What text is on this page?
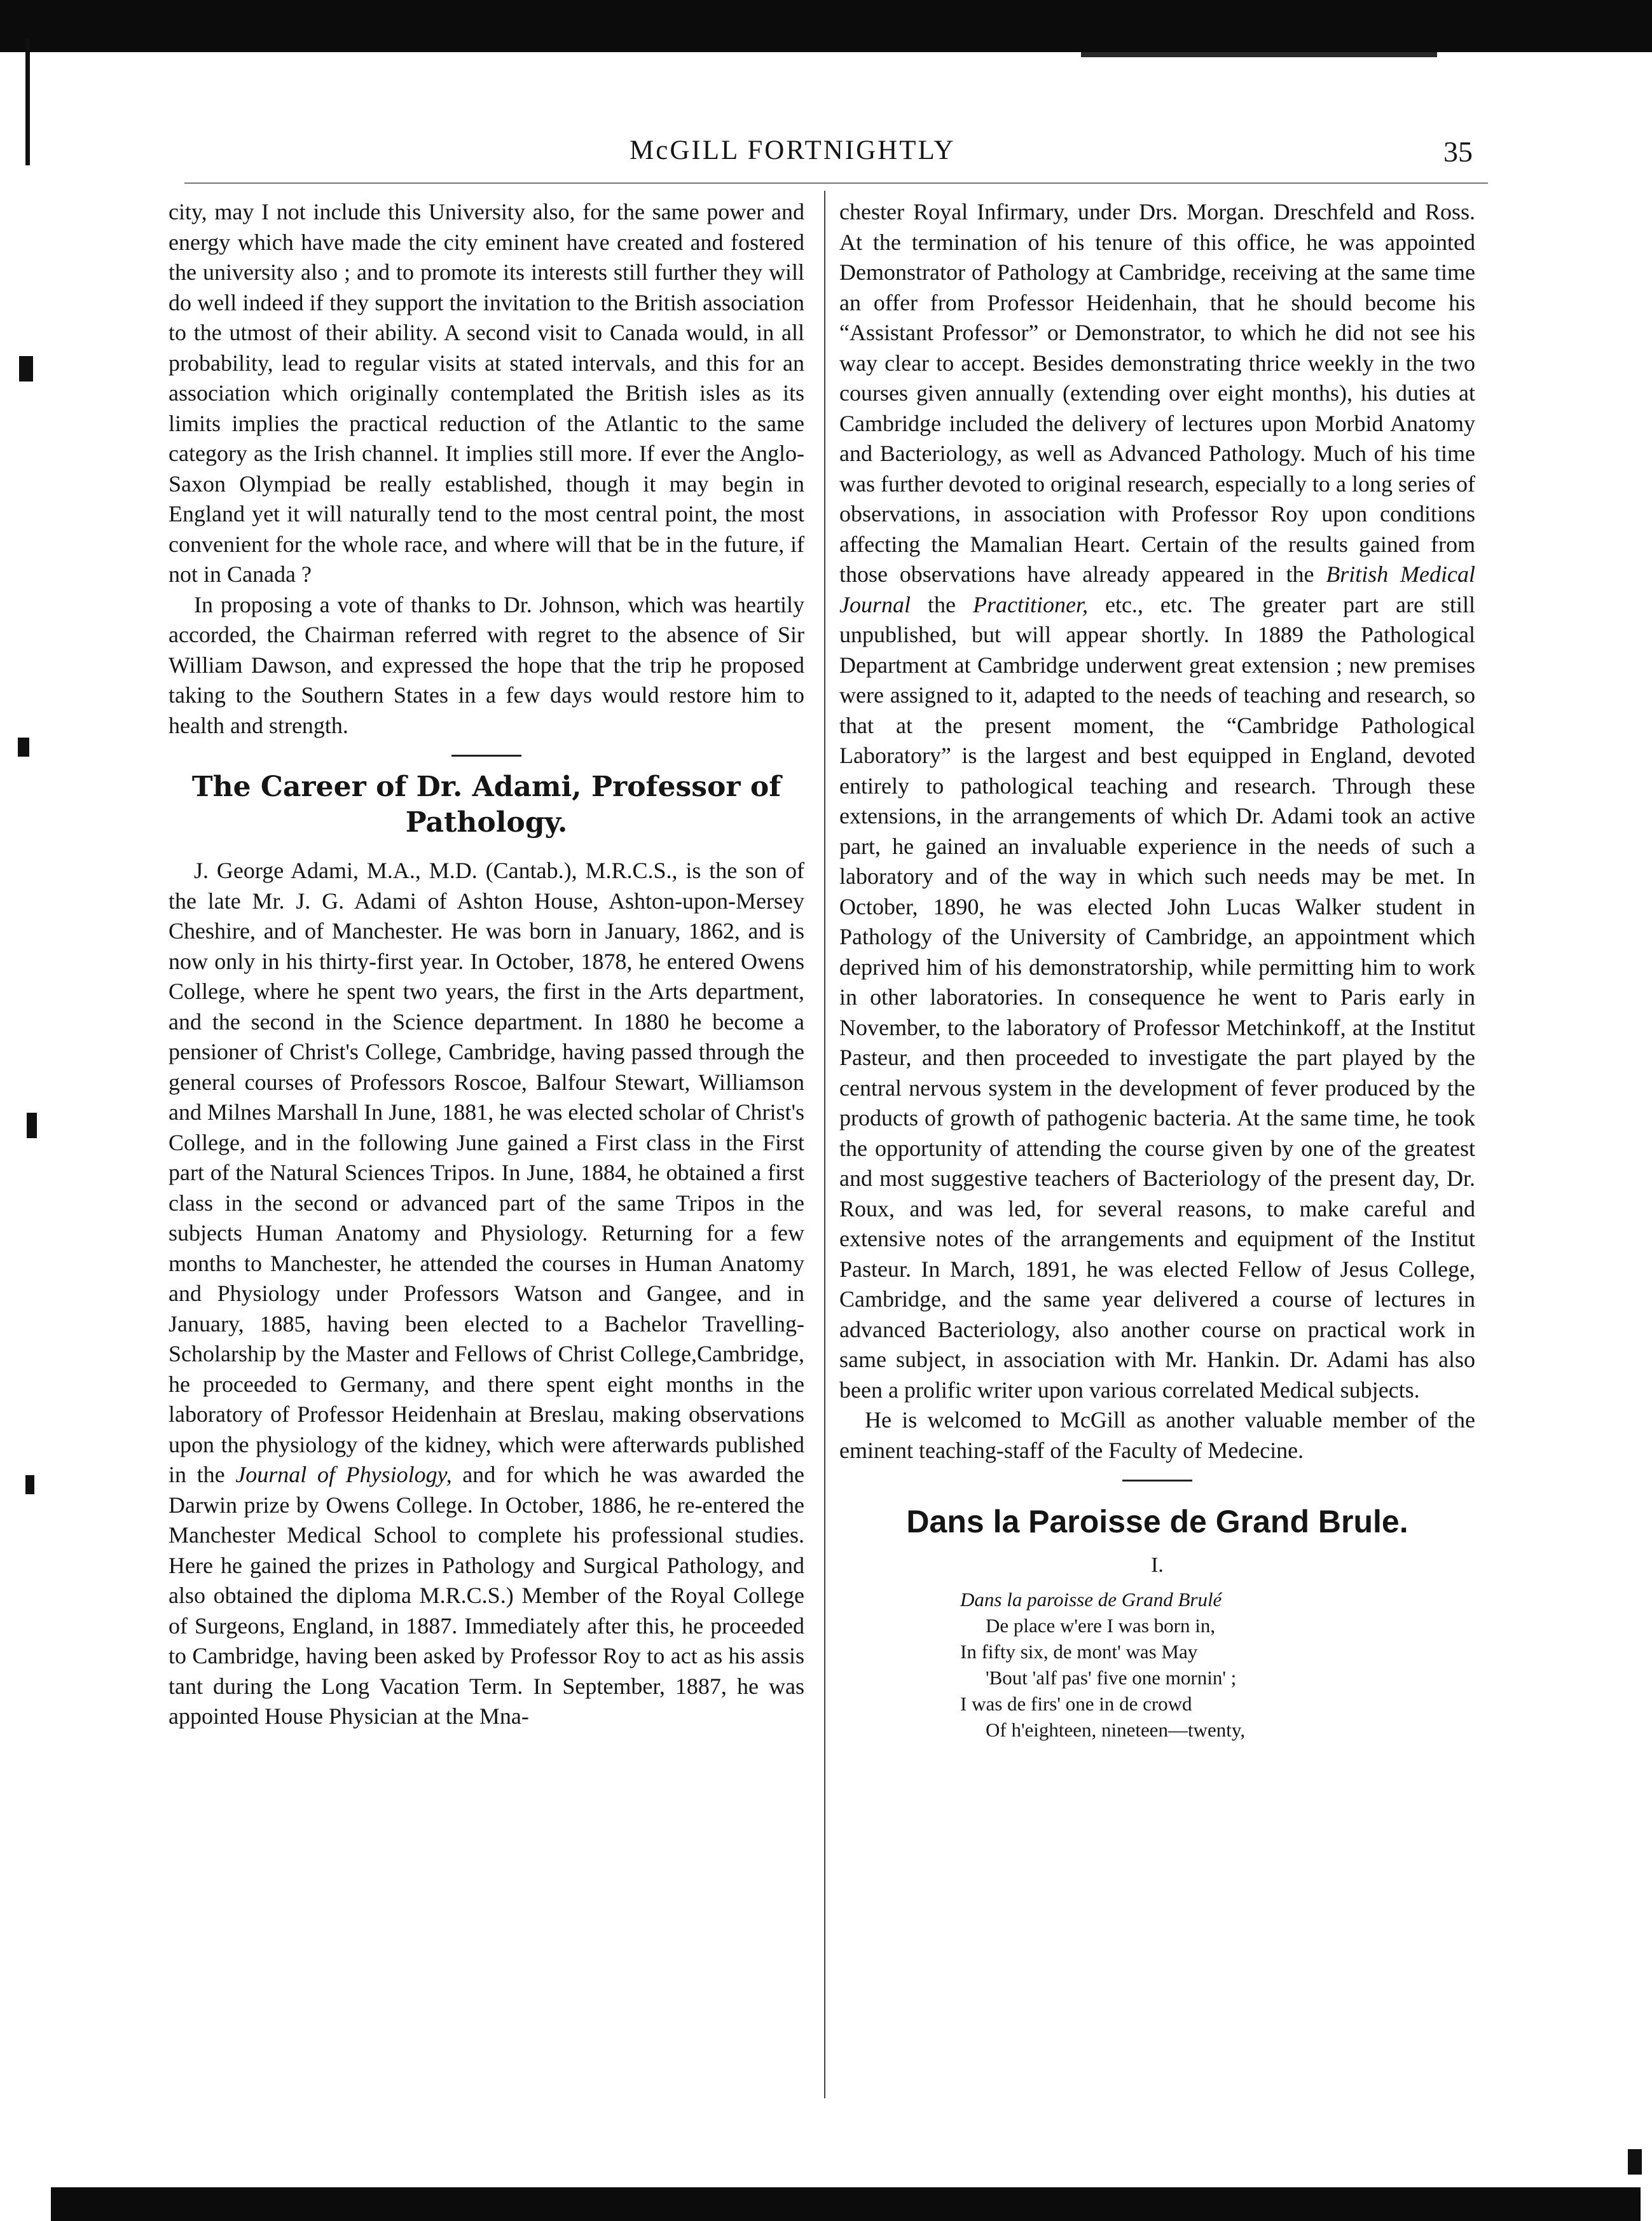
McGILL FORTNIGHTLY	35

city, may I not include this University also, for the same power and energy which have made the city eminent have created and fostered the university also ; and to promote its interests still further they will do well indeed if they support the invitation to the British association to the utmost of their ability. A second visit to Canada would, in all probability, lead to regular visits at stated intervals, and this for an association which originally contemplated the British isles as its limits implies the practical reduction of the Atlantic to the same category as the Irish channel. It implies still more. If ever the Anglo-Saxon Olympiad be really established, though it may begin in England yet it will naturally tend to the most central point, the most convenient for the whole race, and where will that be in the future, if not in Canada ?

In proposing a vote of thanks to Dr. Johnson, which was heartily accorded, the Chairman referred with regret to the absence of Sir William Dawson, and expressed the hope that the trip he proposed taking to the Southern States in a few days would restore him to health and strength.

The Career of Dr. Adami, Professor of Pathology.

J. George Adami, M.A., M.D. (Cantab.), M.R.C.S., is the son of the late Mr. J. G. Adami of Ashton House, Ashton-upon-Mersey Cheshire, and of Manchester. He was born in January, 1862, and is now only in his thirty-first year. In October, 1878, he entered Owens College, where he spent two years, the first in the Arts department, and the second in the Science department. In 1880 he become a pensioner of Christ's College, Cambridge, having passed through the general courses of Professors Roscoe, Balfour Stewart, Williamson and Milnes Marshall In June, 1881, he was elected scholar of Christ's College, and in the following June gained a First class in the First part of the Natural Sciences Tripos. In June, 1884, he obtained a first class in the second or advanced part of the same Tripos in the subjects Human Anatomy and Physiology. Returning for a few months to Manchester, he attended the courses in Human Anatomy and Physiology under Professors Watson and Gangee, and in January, 1885, having been elected to a Bachelor Travelling-Scholarship by the Master and Fellows of Christ College,Cambridge, he proceeded to Germany, and there spent eight months in the laboratory of Professor Heidenhain at Breslau, making observations upon the physiology of the kidney, which were afterwards published in the Journal of Physiology, and for which he was awarded the Darwin prize by Owens College. In October, 1886, he re-entered the Manchester Medical School to complete his professional studies. Here he gained the prizes in Pathology and Surgical Pathology, and also obtained the diploma M.R.C.S.) Member of the Royal College of Surgeons, England, in 1887. Immediately after this, he proceeded to Cambridge, having been asked by Professor Roy to act as his assis tant during the Long Vacation Term. In September, 1887, he was appointed House Physician at the Mna-

chester Royal Infirmary, under Drs. Morgan. Dreschfeld and Ross. At the termination of his tenure of this office, he was appointed Demonstrator of Pathology at Cambridge, receiving at the same time an offer from Professor Heidenhain, that he should become his “Assistant Professor” or Demonstrator, to which he did not see his way clear to accept. Besides demonstrating thrice weekly in the two courses given annually (extending over eight months), his duties at Cambridge included the delivery of lectures upon Morbid Anatomy and Bacteriology, as well as Advanced Pathology. Much of his time was further devoted to original research, especially to a long series of observations, in association with Professor Roy upon conditions affecting the Mamalian Heart. Certain of the results gained from those observations have already appeared in the British Medical Journal the Practitioner, etc., etc. The greater part are still unpublished, but will appear shortly. In 1889 the Pathological Department at Cambridge underwent great extension ; new premises were assigned to it, adapted to the needs of teaching and research, so that at the present moment, the “Cambridge Pathological Laboratory” is the largest and best equipped in England, devoted entirely to pathological teaching and research. Through these extensions, in the arrangements of which Dr. Adami took an active part, he gained an invaluable experience in the needs of such a laboratory and of the way in which such needs may be met. In October, 1890, he was elected John Lucas Walker student in Pathology of the University of Cambridge, an appointment which deprived him of his demonstratorship, while permitting him to work in other laboratories. In consequence he went to Paris early in November, to the laboratory of Professor Metchinkoff, at the Institut Pasteur, and then proceeded to investigate the part played by the central nervous system in the development of fever produced by the products of growth of pathogenic bacteria. At the same time, he took the opportunity of attending the course given by one of the greatest and most suggestive teachers of Bacteriology of the present day, Dr. Roux, and was led, for several reasons, to make careful and extensive notes of the arrangements and equipment of the Institut Pasteur. In March, 1891, he was elected Fellow of Jesus College, Cambridge, and the same year delivered a course of lectures in advanced Bacteriology, also another course on practical work in same subject, in association with Mr. Hankin. Dr. Adami has also been a prolific writer upon various correlated Medical subjects.

He is welcomed to McGill as another valuable member of the eminent teaching-staff of the Faculty of Medecine.

Dans la Paroisse de Grand Brule.
I.
Dans la paroisse de Grand Brulé
De place w'ere I was born in,
In fifty six, de mont' was May
'Bout 'alf pas' five one mornin' ;
I was de firs' one in de crowd
Of h'eighteen, nineteen—twenty,
